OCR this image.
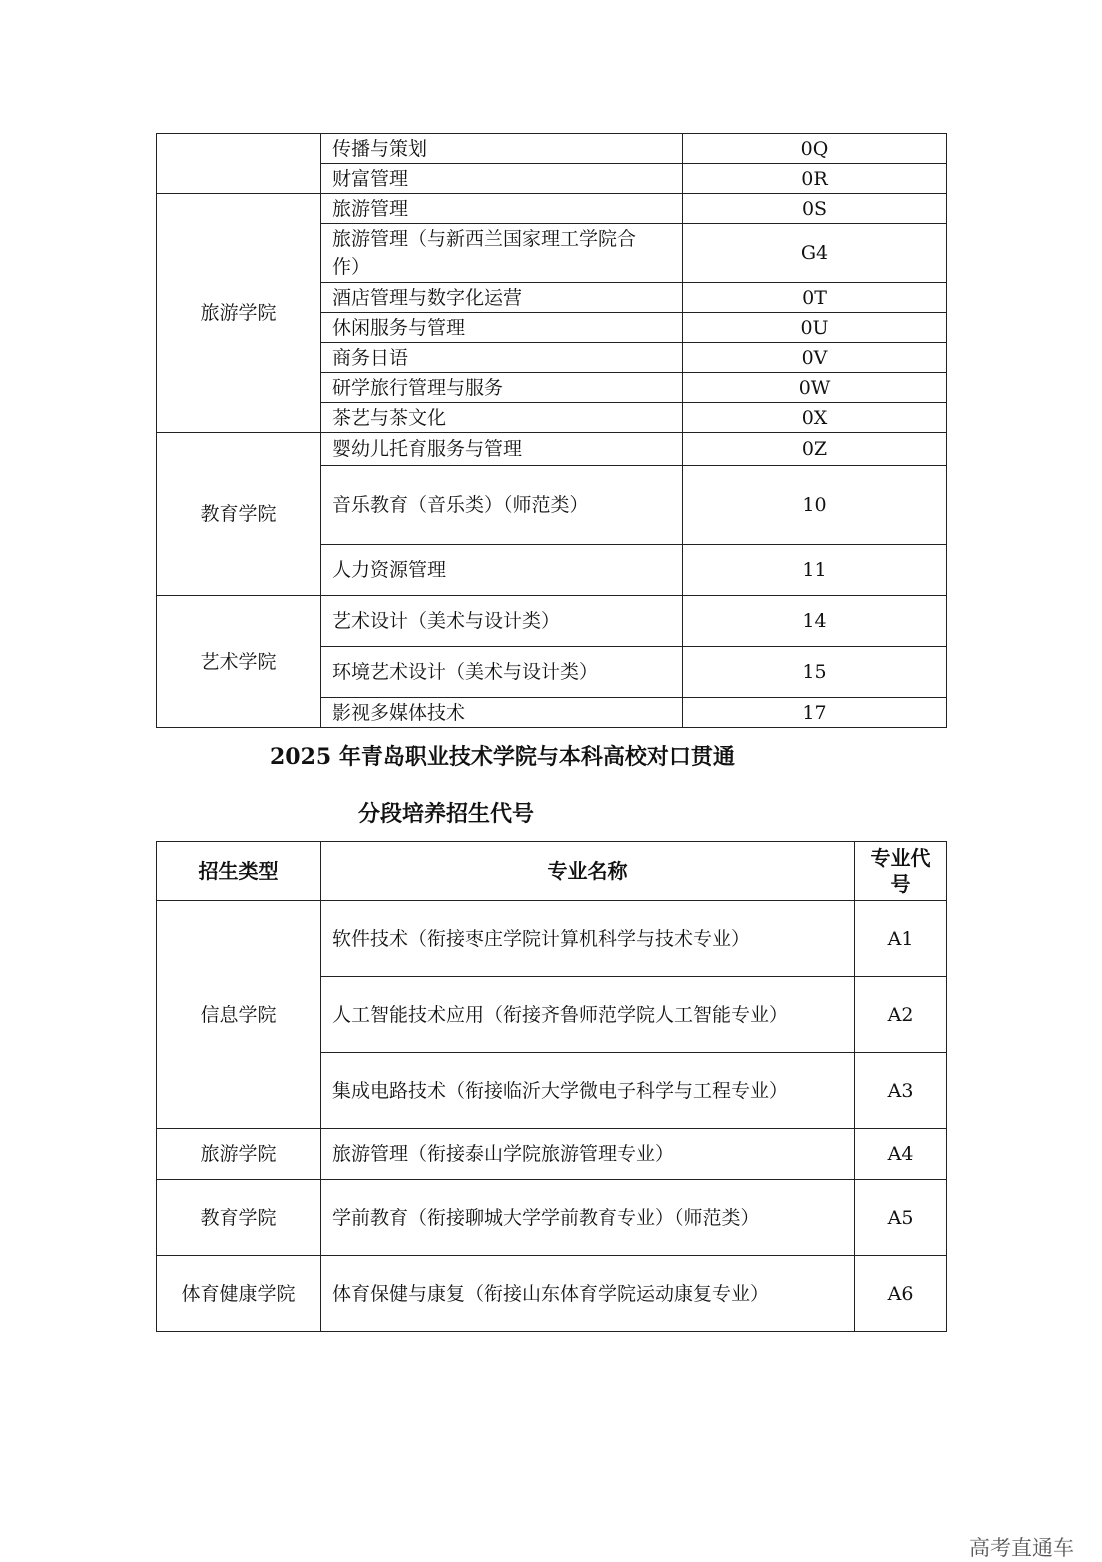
	传播与策划	0Q
	财富管理	0R
旅游学院	旅游管理	0S
	旅游管理（与新西兰国家理工学院合作）	G4
	酒店管理与数字化运营	0T
	休闲服务与管理	0U
	商务日语	0V
	研学旅行管理与服务	0W
	茶艺与茶文化	0X
教育学院	婴幼儿托育服务与管理	0Z
	音乐教育（音乐类）（师范类）	10
	人力资源管理	11
艺术学院	艺术设计（美术与设计类）	14
	环境艺术设计（美术与设计类）	15
	影视多媒体技术	17
2025 年青岛职业技术学院与本科高校对口贯通
分段培养招生代号
招生类型	专业名称	专业代号
信息学院	软件技术（衔接枣庄学院计算机科学与技术专业）	A1
	人工智能技术应用（衔接齐鲁师范学院人工智能专业）	A2
	集成电路技术（衔接临沂大学微电子科学与工程专业）	A3
旅游学院	旅游管理（衔接泰山学院旅游管理专业）	A4
教育学院	学前教育（衔接聊城大学学前教育专业）（师范类）	A5
体育健康学院	体育保健与康复（衔接山东体育学院运动康复专业）	A6
高考直通车
